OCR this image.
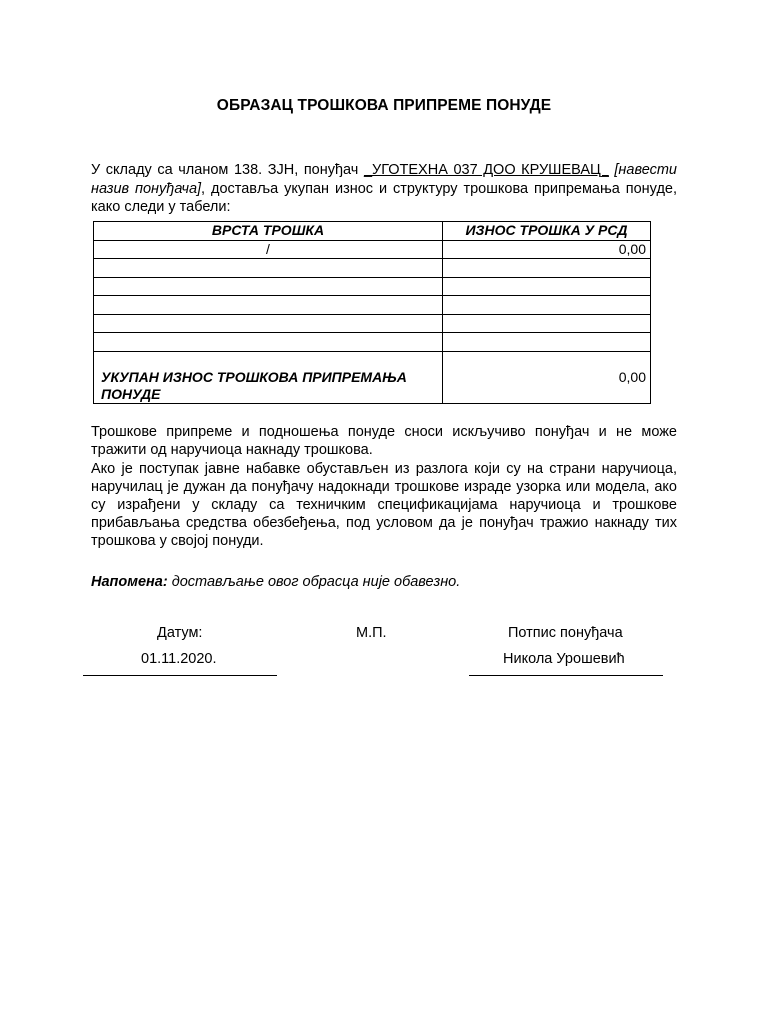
ОБРАЗАЦ ТРОШКОВА ПРИПРЕМЕ ПОНУДЕ
У складу са чланом 138. ЗЈН, понуђач _УГОТЕХНА 037 ДОО КРУШЕВАЦ_ [навести назив понуђача], доставља укупан износ и структуру трошкова припремања понуде, како следи у табели:
ВРСТА ТРОШКА	ИЗНОС ТРОШКА У РСД
/	0,00

УКУПАН ИЗНОС ТРОШКОВА ПРИПРЕМАЊА ПОНУДЕ	0,00
Трошкове припреме и подношења понуде сноси искључиво понуђач и не може тражити од наручиоца накнаду трошкова.
Ако је поступак јавне набавке обустављен из разлога који су на страни наручиоца, наручилац је дужан да понуђачу надокнади трошкове израде узорка или модела, ако су израђени у складу са техничким спецификацијама наручиоца и трошкове прибављања средства обезбеђења, под условом да је понуђач тражио накнаду тих трошкова у својој понуди.
Напомена: достављање овог обрасца није обавезно.
Датум:	М.П.	Потпис понуђача
01.11.2020.	Никола Урошевић
